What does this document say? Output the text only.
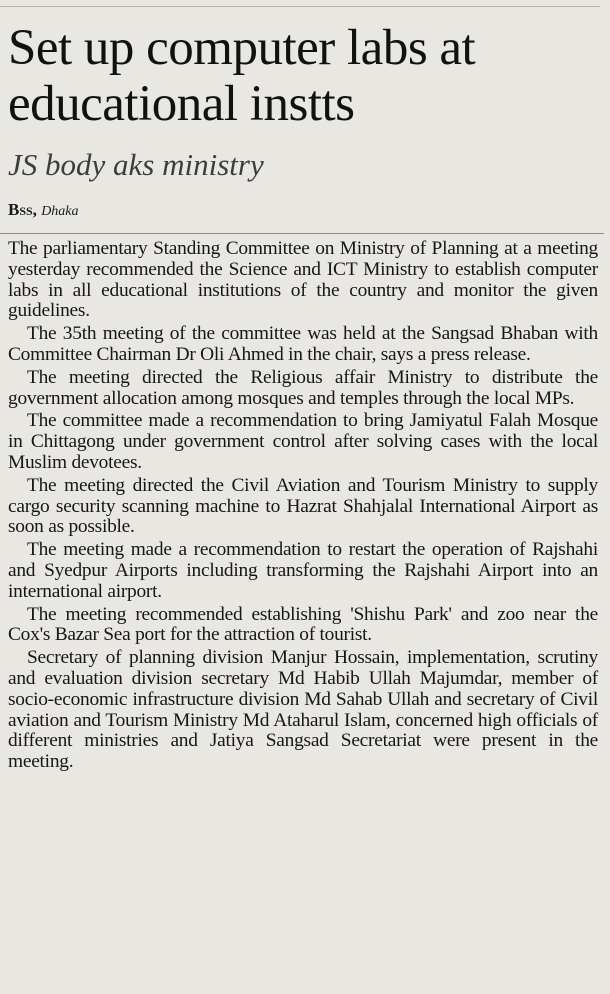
Set up computer labs at educational instts
JS body aks ministry
Bss, Dhaka

The parliamentary Standing Committee on Ministry of Planning at a meeting yesterday recommended the Science and ICT Ministry to establish computer labs in all educational institutions of the country and monitor the given guidelines.

The 35th meeting of the committee was held at the Sangsad Bhaban with Committee Chairman Dr Oli Ahmed in the chair, says a press release.

The meeting directed the Religious affair Ministry to distribute the government allocation among mosques and temples through the local MPs.

The committee made a recommendation to bring Jamiyatul Falah Mosque in Chittagong under government control after solving cases with the local Muslim devotees.

The meeting directed the Civil Aviation and Tourism Ministry to supply cargo security scanning machine to Hazrat Shahjalal International Airport as soon as possible.

The meeting made a recommendation to restart the operation of Rajshahi and Syedpur Airports including transforming the Rajshahi Airport into an international airport.

The meeting recommended establishing 'Shishu Park' and zoo near the Cox's Bazar Sea port for the attraction of tourist.

Secretary of planning division Manjur Hossain, implementation, scrutiny and evaluation division secretary Md Habib Ullah Majumdar, member of socio-economic infrastructure division Md Sahab Ullah and secretary of Civil aviation and Tourism Ministry Md Ataharul Islam, concerned high officials of different ministries and Jatiya Sangsad Secretariat were present in the meeting.
